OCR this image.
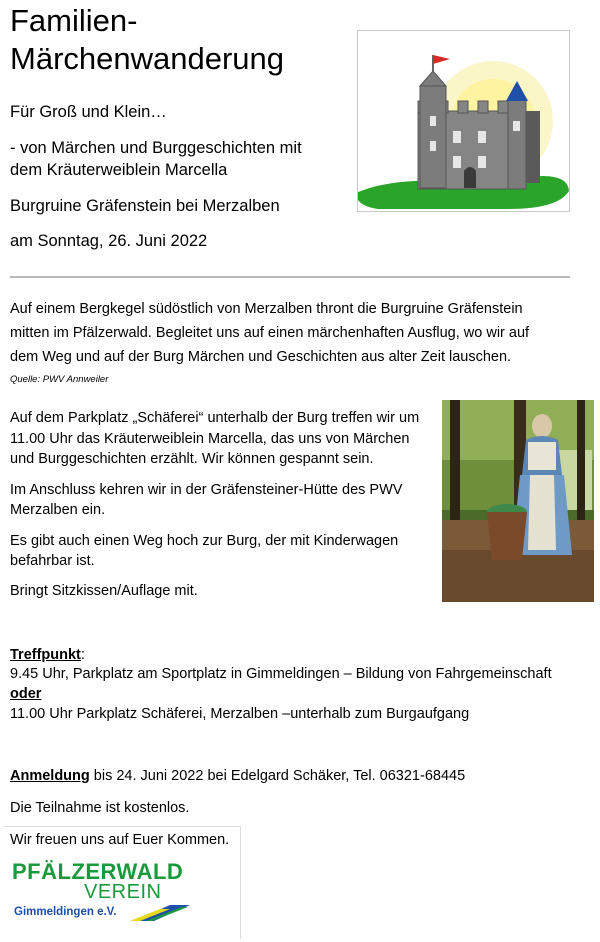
Familien-
Märchenwanderung
Für Groß und Klein…
- von Märchen und Burggeschichten mit
dem Kräuterweiblein Marcella
Burgruine Gräfenstein bei Merzalben
am Sonntag, 26. Juni 2022
Auf einem Bergkegel südöstlich von Merzalben thront die Burgruine Gräfenstein
mitten im Pfälzerwald. Begleitet uns auf einen märchenhaften Ausflug, wo wir auf
dem Weg und auf der Burg Märchen und Geschichten aus alter Zeit lauschen.
Quelle: PWV Annweiler
Auf dem Parkplatz „Schäferei“ unterhalb der Burg treffen wir um
11.00 Uhr das Kräuterweiblein Marcella, das uns von Märchen
und Burggeschichten erzählt. Wir können gespannt sein.
Im Anschluss kehren wir in der Gräfensteiner-Hütte des PWV
Merzalben ein.
Es gibt auch einen Weg hoch zur Burg, der mit Kinderwagen
befahrbar ist.
Bringt Sitzkissen/Auflage mit.
Treffpunkt:
9.45 Uhr, Parkplatz am Sportplatz in Gimmeldingen – Bildung von Fahrgemeinschaft
oder
11.00 Uhr Parkplatz Schäferei, Merzalben –unterhalb zum Burgaufgang
Anmeldung bis 24. Juni 2022 bei Edelgard Schäker, Tel. 06321-68445
Die Teilnahme ist kostenlos.
Wir freuen uns auf Euer Kommen.
PFÄLZERWALD
VEREIN
Gimmeldingen e.V.
